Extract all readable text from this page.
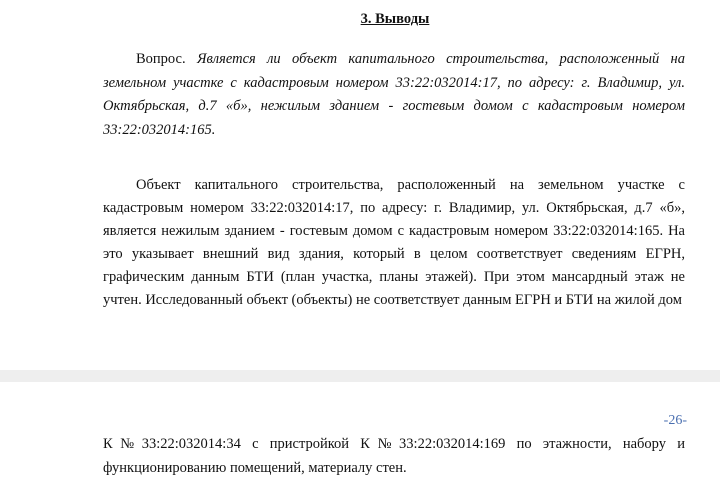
3. Выводы

Вопрос. Является ли объект капитального строительства, расположенный на земельном участке с кадастровым номером 33:22:032014:17, по адресу: г. Владимир, ул. Октябрьская, д.7 «б», нежилым зданием - гостевым домом с кадастровым номером 33:22:032014:165.

Объект капитального строительства, расположенный на земельном участке с кадастровым номером 33:22:032014:17, по адресу: г. Владимир, ул. Октябрьская, д.7 «б», является нежилым зданием - гостевым домом с кадастровым номером 33:22:032014:165. На это указывает внешний вид здания, который в целом соответствует сведениям ЕГРН, графическим данным БТИ (план участка, планы этажей). При этом мансардный этаж не учтен. Исследованный объект (объекты) не соответствует данным ЕГРН и БТИ на жилой дом

-26-

К№33:22:032014:34 с пристройкой К№33:22:032014:169 по этажности, набору и функционированию помещений, материалу стен.
